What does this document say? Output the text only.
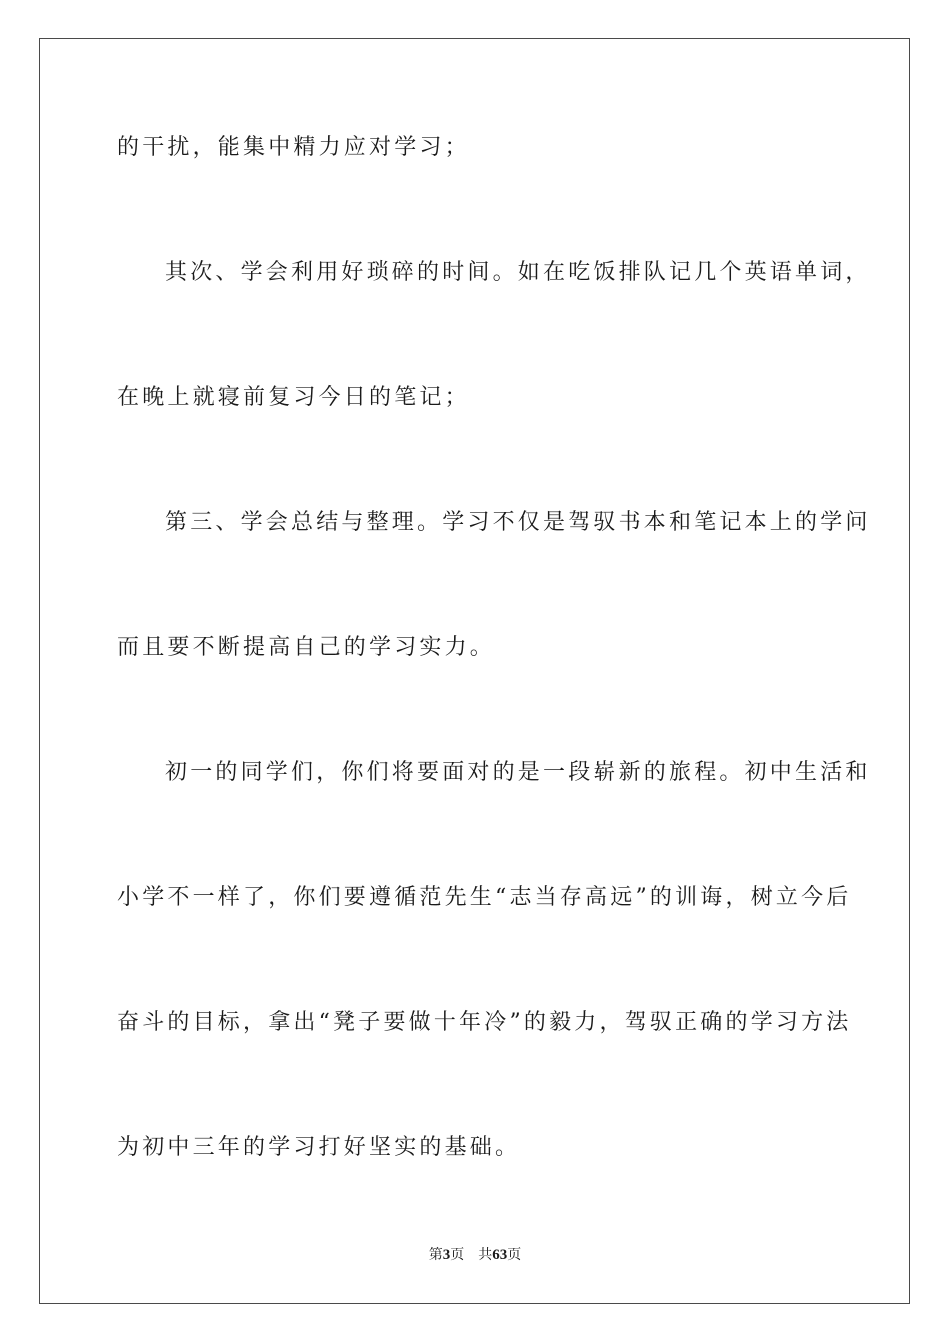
的干扰，能集中精力应对学习；
其次、学会利用好琐碎的时间。如在吃饭排队记几个英语单词，
在晚上就寝前复习今日的笔记；
第三、学会总结与整理。学习不仅是驾驭书本和笔记本上的学问
而且要不断提高自己的学习实力。
初一的同学们，你们将要面对的是一段崭新的旅程。初中生活和
小学不一样了，你们要遵循范先生“志当存高远”的训诲，树立今后
奋斗的目标，拿出“凳子要做十年冷”的毅力，驾驭正确的学习方法
为初中三年的学习打好坚实的基础。
第3页 共63页
